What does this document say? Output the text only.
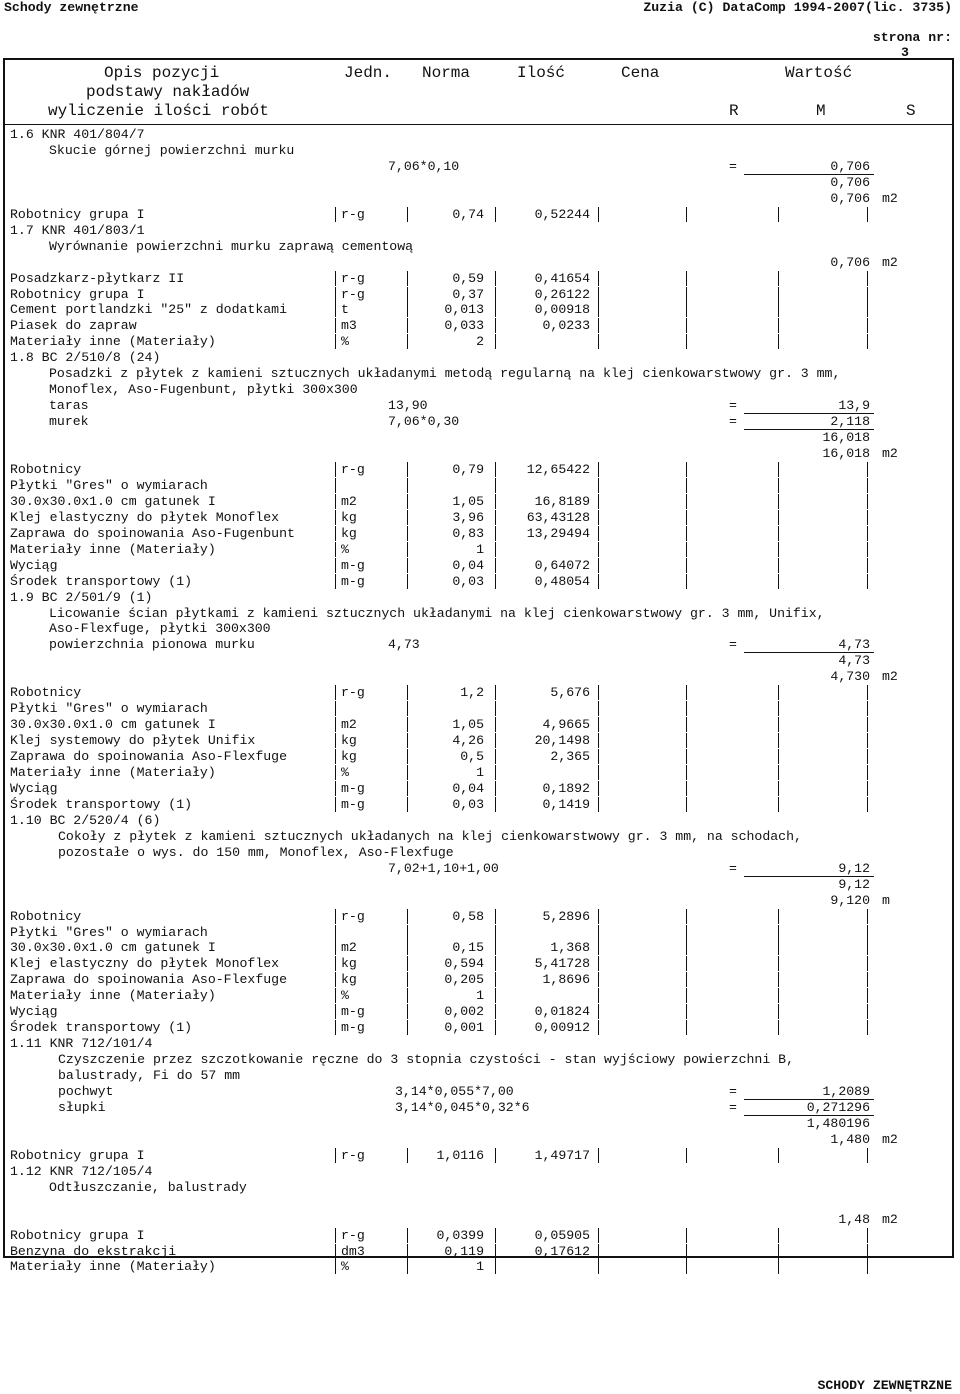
Schody zewnętrzne	Zuzia (C) DataComp 1994-2007(lic. 3735)

strona nr:
3

Opis pozycji
podstawy nakładów
wyliczenie ilości robót
Jedn. Norma	Ilość	Cena	Wartość
R	M	S
1.6 KNR 401/804/7
Skucie górnej powierzchni murku
7,06*0,10	=	0,706
0,706
0,706 m2
Robotnicy grupa I	r-g	0,74	0,52244
1.7 KNR 401/803/1
Wyrównanie powierzchni murku zaprawą cementową
0,706 m2
Posadzkarz-płytkarz II	r-g	0,59	0,41654
Robotnicy grupa I	r-g	0,37	0,26122
Cement portlandzki "25" z dodatkami	t	0,013	0,00918
Piasek do zapraw	m3	0,033	0,0233
Materiały inne (Materiały)	%	2
1.8 BC 2/510/8 (24)
Posadzki z płytek z kamieni sztucznych układanymi metodą regularną na klej cienkowarstwowy gr. 3 mm,
Monoflex, Aso-Fugenbunt, płytki 300x300
taras	13,90	=	13,9
murek	7,06*0,30	=	2,118
16,018
16,018 m2
Robotnicy	r-g	0,79	12,65422
Płytki "Gres" o wymiarach
30.0x30.0x1.0 cm gatunek I	m2	1,05	16,8189
Klej elastyczny do płytek Monoflex	kg	3,96	63,43128
Zaprawa do spoinowania Aso-Fugenbunt	kg	0,83	13,29494
Materiały inne (Materiały)	%	1
Wyciąg	m-g	0,04	0,64072
Środek transportowy (1)	m-g	0,03	0,48054
1.9 BC 2/501/9 (1)
Licowanie ścian płytkami z kamieni sztucznych układanymi na klej cienkowarstwowy gr. 3 mm, Unifix,
Aso-Flexfuge, płytki 300x300
powierzchnia pionowa murku	4,73	=	4,73
4,73
4,730 m2
Robotnicy	r-g	1,2	5,676
Płytki "Gres" o wymiarach
30.0x30.0x1.0 cm gatunek I	m2	1,05	4,9665
Klej systemowy do płytek Unifix	kg	4,26	20,1498
Zaprawa do spoinowania Aso-Flexfuge	kg	0,5	2,365
Materiały inne (Materiały)	%	1
Wyciąg	m-g	0,04	0,1892
Środek transportowy (1)	m-g	0,03	0,1419
1.10 BC 2/520/4 (6)
Cokoły z płytek z kamieni sztucznych układanych na klej cienkowarstwowy gr. 3 mm, na schodach,
pozostałe o wys. do 150 mm, Monoflex, Aso-Flexfuge
7,02+1,10+1,00	=	9,12
9,12
9,120 m
Robotnicy	r-g	0,58	5,2896
Płytki "Gres" o wymiarach
30.0x30.0x1.0 cm gatunek I	m2	0,15	1,368
Klej elastyczny do płytek Monoflex	kg	0,594	5,41728
Zaprawa do spoinowania Aso-Flexfuge	kg	0,205	1,8696
Materiały inne (Materiały)	%	1
Wyciąg	m-g	0,002	0,01824
Środek transportowy (1)	m-g	0,001	0,00912
1.11 KNR 712/101/4
Czyszczenie przez szczotkowanie ręczne do 3 stopnia czystości - stan wyjściowy powierzchni B,
balustrady, Fi do 57 mm
pochwyt	3,14*0,055*7,00	=	1,2089
słupki	3,14*0,045*0,32*6	=	0,271296
1,480196
1,480 m2
Robotnicy grupa I	r-g	1,0116	1,49717
1.12 KNR 712/105/4
Odtłuszczanie, balustrady
1,48 m2
Robotnicy grupa I	r-g	0,0399	0,05905
Benzyna do ekstrakcji	dm3	0,119	0,17612
Materiały inne (Materiały)	%	1
SCHODY ZEWNĘTRZNE
